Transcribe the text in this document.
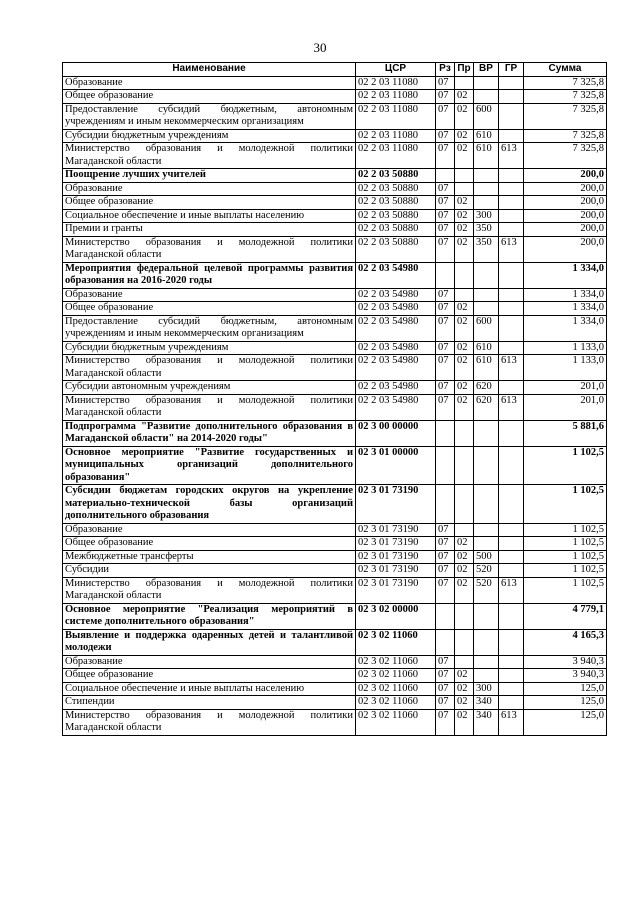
30
Наименование	ЦСР	Рз	Пр	ВР	ГР	Сумма
Образование	02 2 03 11080	07				7 325,8
Общее образование	02 2 03 11080	07	02			7 325,8
Предоставление субсидий бюджетным, автономным учреждениям и иным некоммерческим организациям	02 2 03 11080	07	02	600		7 325,8
Субсидии бюджетным учреждениям	02 2 03 11080	07	02	610		7 325,8
Министерство образования и молодежной политики Магаданской области	02 2 03 11080	07	02	610	613	7 325,8
Поощрение лучших учителей	02 2 03 50880					200,0
Образование	02 2 03 50880	07				200,0
Общее образование	02 2 03 50880	07	02			200,0
Социальное обеспечение и иные выплаты населению	02 2 03 50880	07	02	300		200,0
Премии и гранты	02 2 03 50880	07	02	350		200,0
Министерство образования и молодежной политики Магаданской области	02 2 03 50880	07	02	350	613	200,0
Мероприятия федеральной целевой программы развития образования на 2016-2020 годы	02 2 03 54980					1 334,0
Образование	02 2 03 54980	07				1 334,0
Общее образование	02 2 03 54980	07	02			1 334,0
Предоставление субсидий бюджетным, автономным учреждениям и иным некоммерческим организациям	02 2 03 54980	07	02	600		1 334,0
Субсидии бюджетным учреждениям	02 2 03 54980	07	02	610		1 133,0
Министерство образования и молодежной политики Магаданской области	02 2 03 54980	07	02	610	613	1 133,0
Субсидии автономным учреждениям	02 2 03 54980	07	02	620		201,0
Министерство образования и молодежной политики Магаданской области	02 2 03 54980	07	02	620	613	201,0
Подпрограмма "Развитие дополнительного образования в Магаданской области" на 2014-2020 годы"	02 3 00 00000					5 881,6
Основное мероприятие "Развитие государственных и муниципальных организаций дополнительного образования"	02 3 01 00000					1 102,5
Субсидии бюджетам городских округов на укрепление материально-технической базы организаций дополнительного образования	02 3 01 73190					1 102,5
Образование	02 3 01 73190	07				1 102,5
Общее образование	02 3 01 73190	07	02			1 102,5
Межбюджетные трансферты	02 3 01 73190	07	02	500		1 102,5
Субсидии	02 3 01 73190	07	02	520		1 102,5
Министерство образования и молодежной политики Магаданской области	02 3 01 73190	07	02	520	613	1 102,5
Основное мероприятие "Реализация мероприятий в системе дополнительного образования"	02 3 02 00000					4 779,1
Выявление и поддержка одаренных детей и талантливой молодежи	02 3 02 11060					4 165,3
Образование	02 3 02 11060	07				3 940,3
Общее образование	02 3 02 11060	07	02			3 940,3
Социальное обеспечение и иные выплаты населению	02 3 02 11060	07	02	300		125,0
Стипендии	02 3 02 11060	07	02	340		125,0
Министерство образования и молодежной политики Магаданской области	02 3 02 11060	07	02	340	613	125,0
